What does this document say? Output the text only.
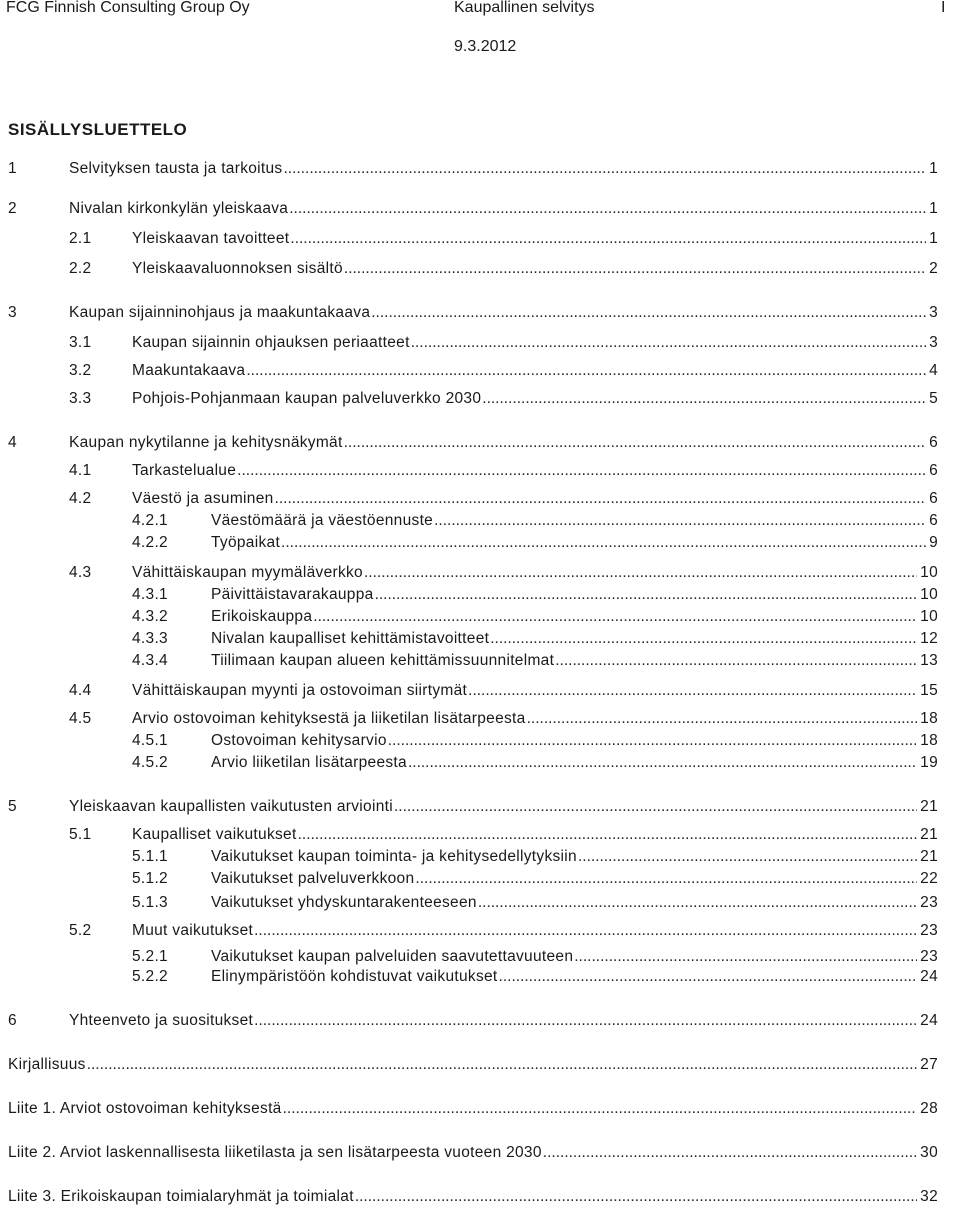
FCG Finnish Consulting Group Oy	Kaupallinen selvitys	I
9.3.2012
SISÄLLYSLUETTELO
1	Selvityksen tausta ja tarkoitus .....	1
2	Nivalan kirkonkylän yleiskaava .....	1
2.1	Yleiskaavan tavoitteet .....	1
2.2	Yleiskaavaluonnoksen sisältö .....	2
3	Kaupan sijainninohjaus ja maakuntakaava .....	3
3.1	Kaupan sijainnin ohjauksen periaatteet .....	3
3.2	Maakuntakaava .....	4
3.3	Pohjois-Pohjanmaan kaupan palveluverkko 2030 .....	5
4	Kaupan nykytilanne ja kehitysnäkymät .....	6
4.1	Tarkastelualue .....	6
4.2	Väestö ja asuminen .....	6
4.2.1	Väestömäärä ja väestöennuste .....	6
4.2.2	Työpaikat .....	9
4.3	Vähittäiskaupan myymäläverkko .....	10
4.3.1	Päivittäistavarakauppa .....	10
4.3.2	Erikoiskauppa .....	10
4.3.3	Nivalan kaupalliset kehittämistavoitteet .....	12
4.3.4	Tiilimaan kaupan alueen kehittämissuunnitelmat .....	13
4.4	Vähittäiskaupan myynti ja ostovoiman siirtymät .....	15
4.5	Arvio ostovoiman kehityksestä ja liiketilan lisätarpeesta .....	18
4.5.1	Ostovoiman kehitysarvio .....	18
4.5.2	Arvio liiketilan lisätarpeesta .....	19
5	Yleiskaavan kaupallisten vaikutusten arviointi .....	21
5.1	Kaupalliset vaikutukset .....	21
5.1.1	Vaikutukset kaupan toiminta- ja kehitysedellytyksiin .....	21
5.1.2	Vaikutukset palveluverkkoon .....	22
5.1.3	Vaikutukset yhdyskuntarakenteeseen .....	23
5.2	Muut vaikutukset .....	23
5.2.1	Vaikutukset kaupan palveluiden saavutettavuuteen .....	23
5.2.2	Elinympäristöön kohdistuvat vaikutukset .....	24
6	Yhteenveto ja suositukset .....	24
Kirjallisuus .....	27
Liite 1. Arviot ostovoiman kehityksestä .....	28
Liite 2. Arviot laskennallisesta liiketilasta ja sen lisätarpeesta vuoteen 2030 .....	30
Liite 3. Erikoiskaupan toimialaryhmät ja toimialat .....	32
